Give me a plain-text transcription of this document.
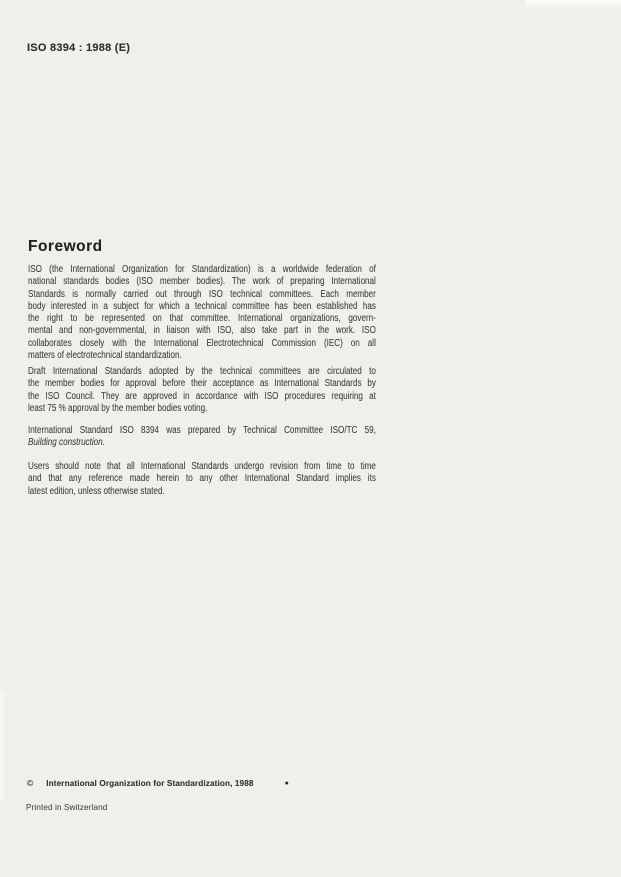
ISO 8394 : 1988 (E)
Foreword
ISO (the International Organization for Standardization) is a worldwide federation of
national standards bodies (ISO member bodies). The work of preparing International
Standards is normally carried out through ISO technical committees. Each member
body interested in a subject for which a technical committee has been established has
the right to be represented on that committee. International organizations, govern-
mental and non-governmental, in liaison with ISO, also take part in the work. ISO
collaborates closely with the International Electrotechnical Commission (IEC) on all
matters of electrotechnical standardization.
Draft International Standards adopted by the technical committees are circulated to
the member bodies for approval before their acceptance as International Standards by
the ISO Council. They are approved in accordance with ISO procedures requiring at
least 75 % approval by the member bodies voting.
International Standard ISO 8394 was prepared by Technical Committee ISO/TC 59,
Building construction.
Users should note that all International Standards undergo revision from time to time
and that any reference made herein to any other International Standard implies its
latest edition, unless otherwise stated.
© International Organization for Standardization, 1988	●
Printed in Switzerland
